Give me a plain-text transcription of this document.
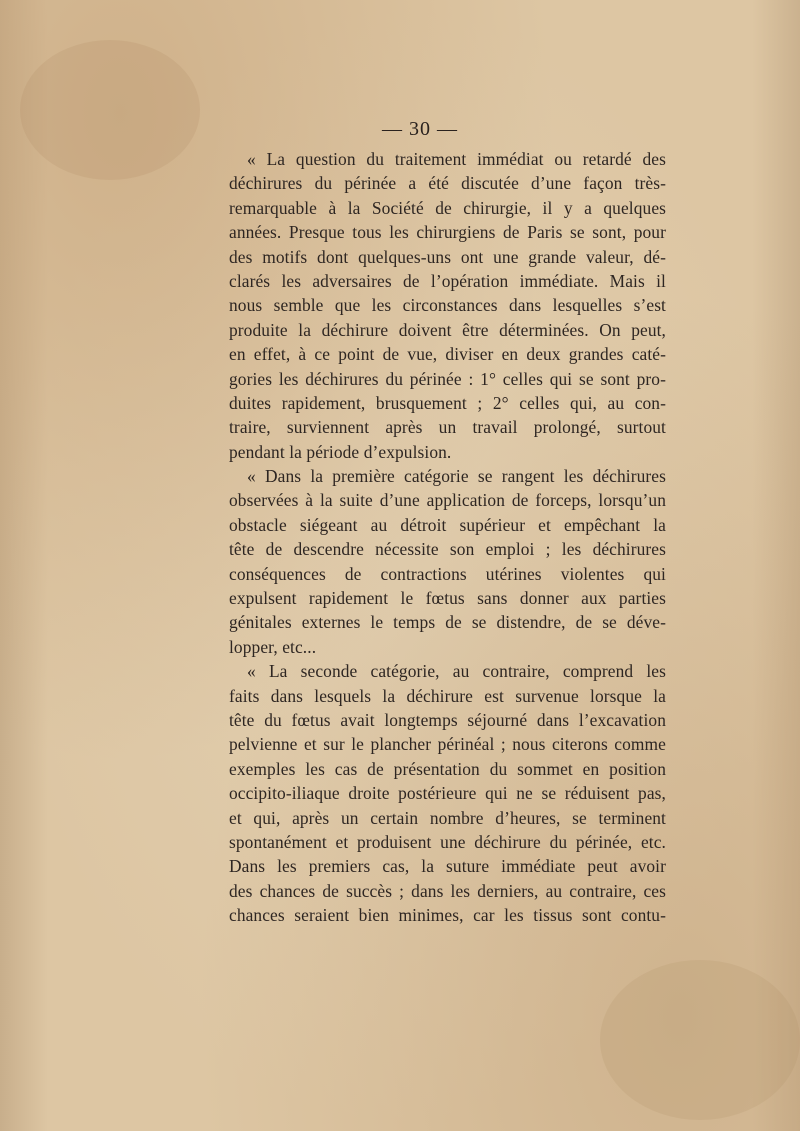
— 30 —
« La question du traitement immédiat ou retardé des
déchirures du périnée a été discutée d’une façon très-
remarquable à la Société de chirurgie, il y a quelques
années. Presque tous les chirurgiens de Paris se sont, pour
des motifs dont quelques-uns ont une grande valeur, dé-
clarés les adversaires de l’opération immédiate. Mais il
nous semble que les circonstances dans lesquelles s’est
produite la déchirure doivent être déterminées. On peut,
en effet, à ce point de vue, diviser en deux grandes caté-
gories les déchirures du périnée : 1° celles qui se sont pro-
duites rapidement, brusquement ; 2° celles qui, au con-
traire, surviennent après un travail prolongé, surtout
pendant la période d’expulsion.
« Dans la première catégorie se rangent les déchirures
observées à la suite d’une application de forceps, lorsqu’un
obstacle siégeant au détroit supérieur et empêchant la
tête de descendre nécessite son emploi ; les déchirures
conséquences de contractions utérines violentes qui
expulsent rapidement le fœtus sans donner aux parties
génitales externes le temps de se distendre, de se déve-
lopper, etc...
« La seconde catégorie, au contraire, comprend les
faits dans lesquels la déchirure est survenue lorsque la
tête du fœtus avait longtemps séjourné dans l’excavation
pelvienne et sur le plancher périnéal ; nous citerons comme
exemples les cas de présentation du sommet en position
occipito-iliaque droite postérieure qui ne se réduisent pas,
et qui, après un certain nombre d’heures, se terminent
spontanément et produisent une déchirure du périnée, etc.
Dans les premiers cas, la suture immédiate peut avoir
des chances de succès ; dans les derniers, au contraire, ces
chances seraient bien minimes, car les tissus sont contu-
